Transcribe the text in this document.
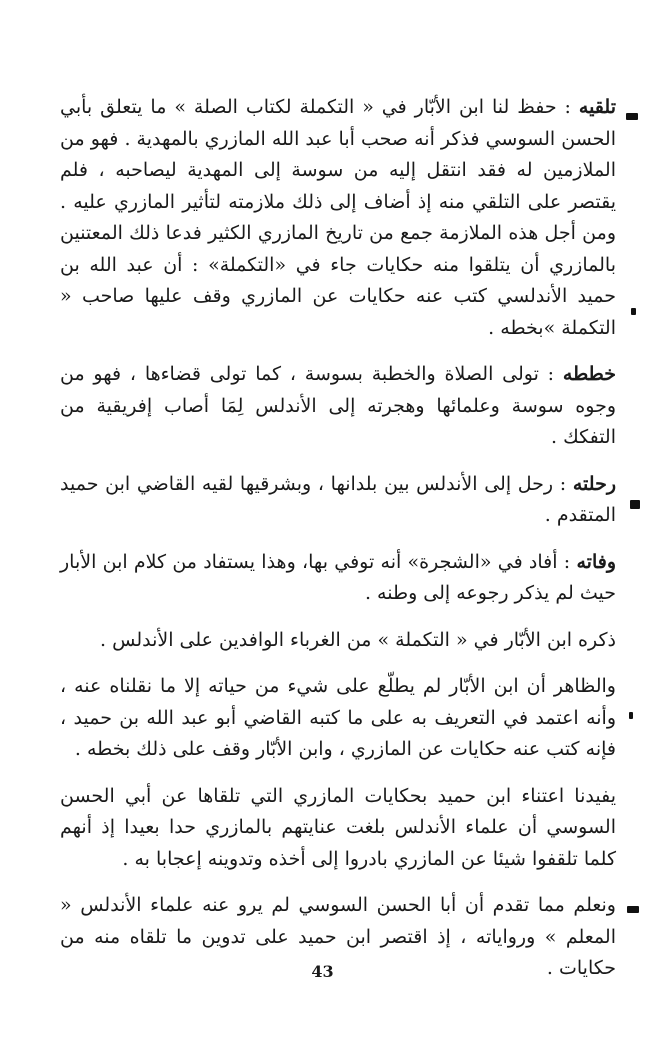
تلقيه : حفظ لنا ابن الأبّار في « التكملة لكتاب الصلة » ما يتعلق بأبي الحسن السوسي فذكر أنه صحب أبا عبد الله المازري بالمهدية . فهو من الملازمين له فقد انتقل إليه من سوسة إلى المهدية ليصاحبه ، فلم يقتصر على التلقي منه إذ أضاف إلى ذلك ملازمته لتأثير المازري عليه . ومن أجل هذه الملازمة جمع من تاريخ المازري الكثير فدعا ذلك المعتنين بالمازري أن يتلقوا منه حكايات جاء في «التكملة» : أن عبد الله بن حميد الأندلسي كتب عنه حكايات عن المازري وقف عليها صاحب « التكملة »بخطه .

خططه : تولى الصلاة والخطبة بسوسة ، كما تولى قضاءها ، فهو من وجوه سوسة وعلمائها وهجرته إلى الأندلس لِمَا أصاب إفريقية من التفكك .

رحلته : رحل إلى الأندلس بين بلدانها ، وبشرقيها لقيه القاضي ابن حميد المتقدم .

وفاته : أفاد في «الشجرة» أنه توفي بها، وهذا يستفاد من كلام ابن الأبار حيث لم يذكر رجوعه إلى وطنه .

ذكره ابن الأبّار في « التكملة » من الغرباء الوافدين على الأندلس .

والظاهر أن ابن الأبّار لم يطلّع على شيء من حياته إلا ما نقلناه عنه ، وأنه اعتمد في التعريف به على ما كتبه القاضي أبو عبد الله بن حميد ، فإنه كتب عنه حكايات عن المازري ، وابن الأبّار وقف على ذلك بخطه .

يفيدنا اعتناء ابن حميد بحكايات المازري التي تلقاها عن أبي الحسن السوسي أن علماء الأندلس بلغت عنايتهم بالمازري حدا بعيدا إذ أنهم كلما تلقفوا شيئا عن المازري بادروا إلى أخذه وتدوينه إعجابا به .

ونعلم مما تقدم أن أبا الحسن السوسي لم يرو عنه علماء الأندلس « المعلم » ورواياته ، إذ اقتصر ابن حميد على تدوين ما تلقاه منه من حكايات .

43
